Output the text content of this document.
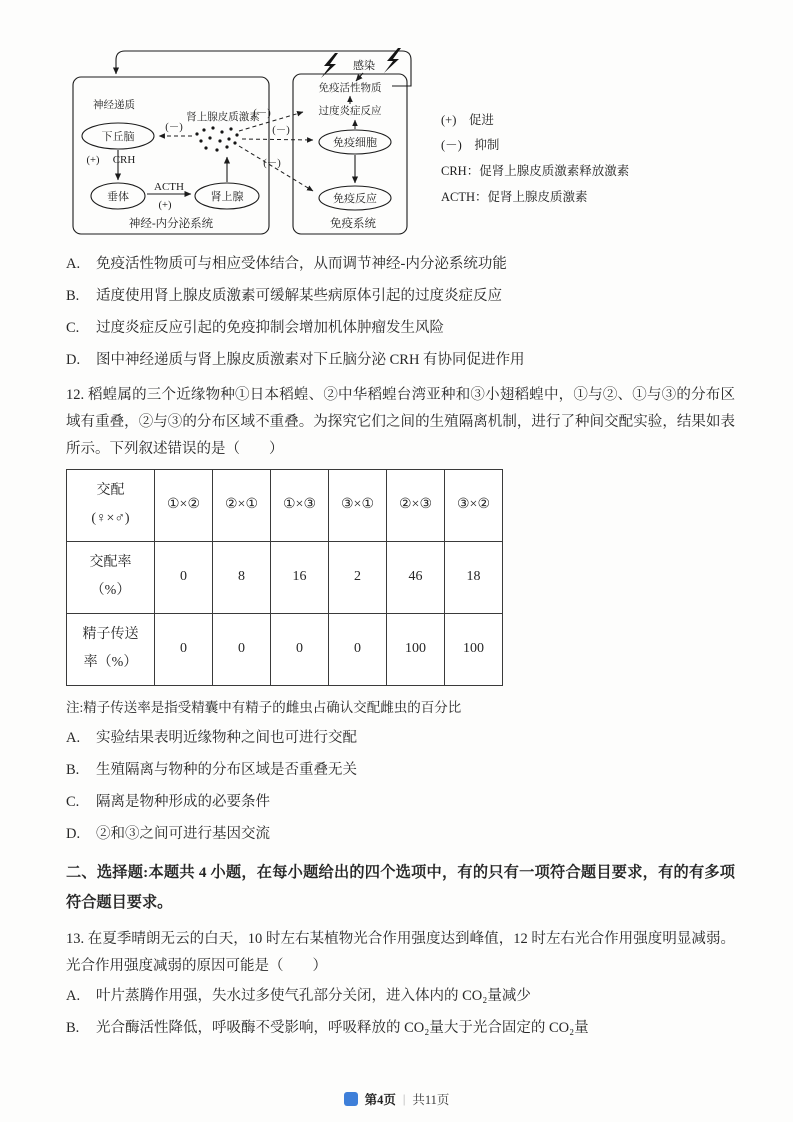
感染
神经递质
肾上腺皮质激素
下丘脑
(－)
(－)
(－)
(－)
(+) CRH
垂体
ACTH
(+)
肾上腺
神经-内分泌系统
免疫活性物质
过度炎症反应
免疫细胞
免疫反应
免疫系统
(+)　促进
(－)　抑制
CRH：促肾上腺皮质激素释放激素
ACTH：促肾上腺皮质激素
A.	免疫活性物质可与相应受体结合，从而调节神经-内分泌系统功能
B.	适度使用肾上腺皮质激素可缓解某些病原体引起的过度炎症反应
C.	过度炎症反应引起的免疫抑制会增加机体肿瘤发生风险
D.	图中神经递质与肾上腺皮质激素对下丘脑分泌 CRH 有协同促进作用

12. 稻蝗属的三个近缘物种①日本稻蝗、②中华稻蝗台湾亚种和③小翅稻蝗中，①与②、①与③的分布区域有重叠，②与③的分布区域不重叠。为探究它们之间的生殖隔离机制，进行了种间交配实验，结果如表所示。下列叙述错误的是（　　）

交配
(♀×♂)	①×②	②×①	①×③	③×①	②×③	③×②

交配率
（%）	0	8	16	2	46	18

精子传送
率（%）	0	0	0	0	100	100

注:精子传送率是指受精囊中有精子的雌虫占确认交配雌虫的百分比

A.	实验结果表明近缘物种之间也可进行交配
B.	生殖隔离与物种的分布区域是否重叠无关
C.	隔离是物种形成的必要条件
D.	②和③之间可进行基因交流

二、选择题:本题共 4 小题，在每小题给出的四个选项中，有的只有一项符合题目要求，有的有多项符合题目要求。

13. 在夏季晴朗无云的白天，10 时左右某植物光合作用强度达到峰值，12 时左右光合作用强度明显减弱。光合作用强度减弱的原因可能是（　　）

A.	叶片蒸腾作用强，失水过多使气孔部分关闭，进入体内的 CO₂量减少
B.	光合酶活性降低，呼吸酶不受影响，呼吸释放的 CO₂量大于光合固定的 CO₂量
第4页 | 共11页
